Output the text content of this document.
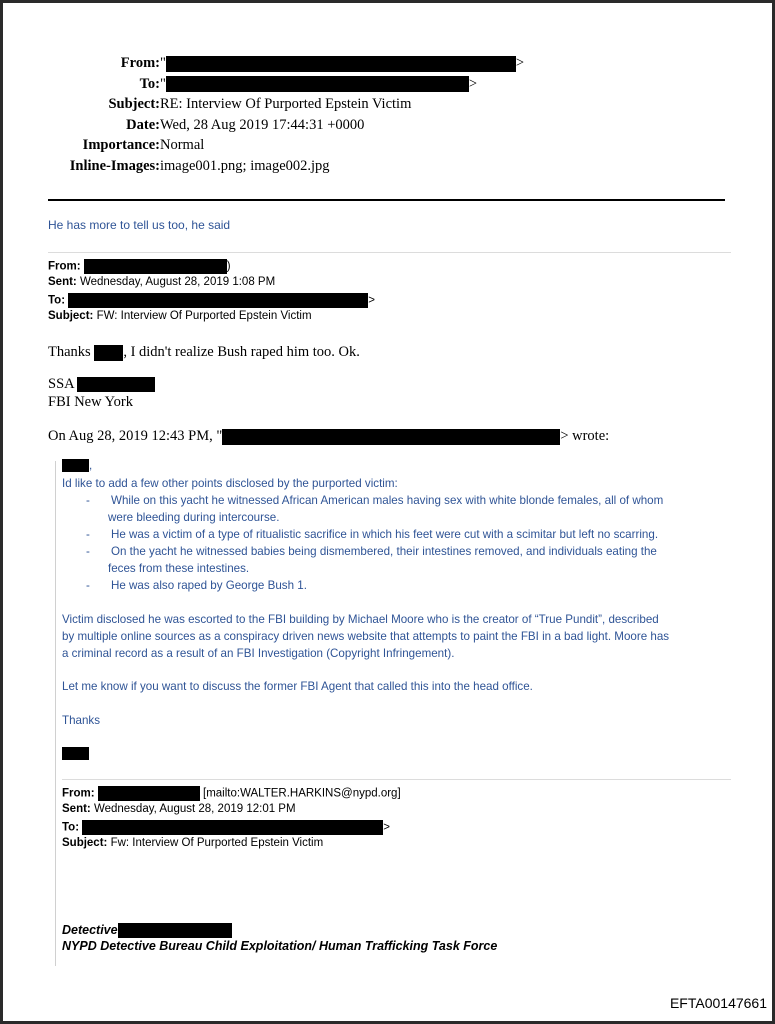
From: "	>
To: "	>
Subject: RE: Interview Of Purported Epstein Victim
Date: Wed, 28 Aug 2019 17:44:31 +0000
Importance: Normal
Inline-Images: image001.png; image002.jpg
He has more to tell us too, he said
From:	)
Sent: Wednesday, August 28, 2019 1:08 PM
To:	>
Subject: FW: Interview Of Purported Epstein Victim
Thanks , I didn't realize Bush raped him too. Ok.
SSA
FBI New York
On Aug 28, 2019 12:43 PM, "	> wrote:
,
Id like to add a few other points disclosed by the purported victim:
- While on this yacht he witnessed African American males having sex with white blonde females, all of whom
were bleeding during intercourse.
- He was a victim of a type of ritualistic sacrifice in which his feet were cut with a scimitar but left no scarring.
- On the yacht he witnessed babies being dismembered, their intestines removed, and individuals eating the
feces from these intestines.
- He was also raped by George Bush 1.
Victim disclosed he was escorted to the FBI building by Michael Moore who is the creator of “True Pundit”, described
by multiple online sources as a conspiracy driven news website that attempts to paint the FBI in a bad light. Moore has
a criminal record as a result of an FBI Investigation (Copyright Infringement).
Let me know if you want to discuss the former FBI Agent that called this into the head office.
Thanks
From:	[mailto:WALTER.HARKINS@nypd.org]
Sent: Wednesday, August 28, 2019 12:01 PM
To:	>
Subject: Fw: Interview Of Purported Epstein Victim
Detective
NYPD Detective Bureau Child Exploitation/ Human Trafficking Task Force
EFTA00147661
